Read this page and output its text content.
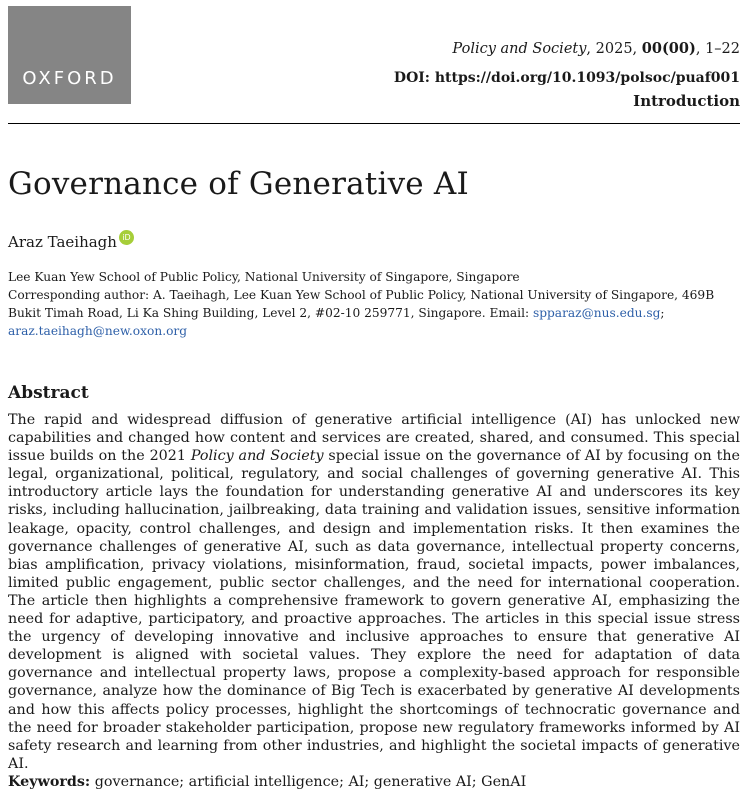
OXFORD
Policy and Society, 2025, 00(00), 1–22
DOI: https://doi.org/10.1093/polsoc/puaf001
Introduction
Governance of Generative AI
Araz Taeihagh iD

Lee Kuan Yew School of Public Policy, National University of Singapore, Singapore

Corresponding author: A. Taeihagh, Lee Kuan Yew School of Public Policy, National University of Singapore, 469B Bukit Timah Road, Li Ka Shing Building, Level 2, #02-10 259771, Singapore. Email: spparaz@nus.edu.sg; araz.taeihagh@new.oxon.org

Abstract

The rapid and widespread diffusion of generative artificial intelligence (AI) has unlocked new capabilities and changed how content and services are created, shared, and consumed. This special issue builds on the 2021 Policy and Society special issue on the governance of AI by focusing on the legal, organizational, political, regulatory, and social challenges of governing generative AI. This introductory article lays the foundation for understanding generative AI and underscores its key risks, including hallucination, jailbreaking, data training and validation issues, sensitive information leakage, opacity, control challenges, and design and implementation risks. It then examines the governance challenges of generative AI, such as data governance, intellectual property concerns, bias amplification, privacy violations, misinformation, fraud, societal impacts, power imbalances, limited public engagement, public sector challenges, and the need for international cooperation. The article then highlights a comprehensive framework to govern generative AI, emphasizing the need for adaptive, participatory, and proactive approaches. The articles in this special issue stress the urgency of developing innovative and inclusive approaches to ensure that generative AI development is aligned with societal values. They explore the need for adaptation of data governance and intellectual property laws, propose a complexity-based approach for responsible governance, analyze how the dominance of Big Tech is exacerbated by generative AI developments and how this affects policy processes, highlight the shortcomings of technocratic governance and the need for broader stakeholder participation, propose new regulatory frameworks informed by AI safety research and learning from other industries, and highlight the societal impacts of generative AI.

Keywords: governance; artificial intelligence; AI; generative AI; GenAI
